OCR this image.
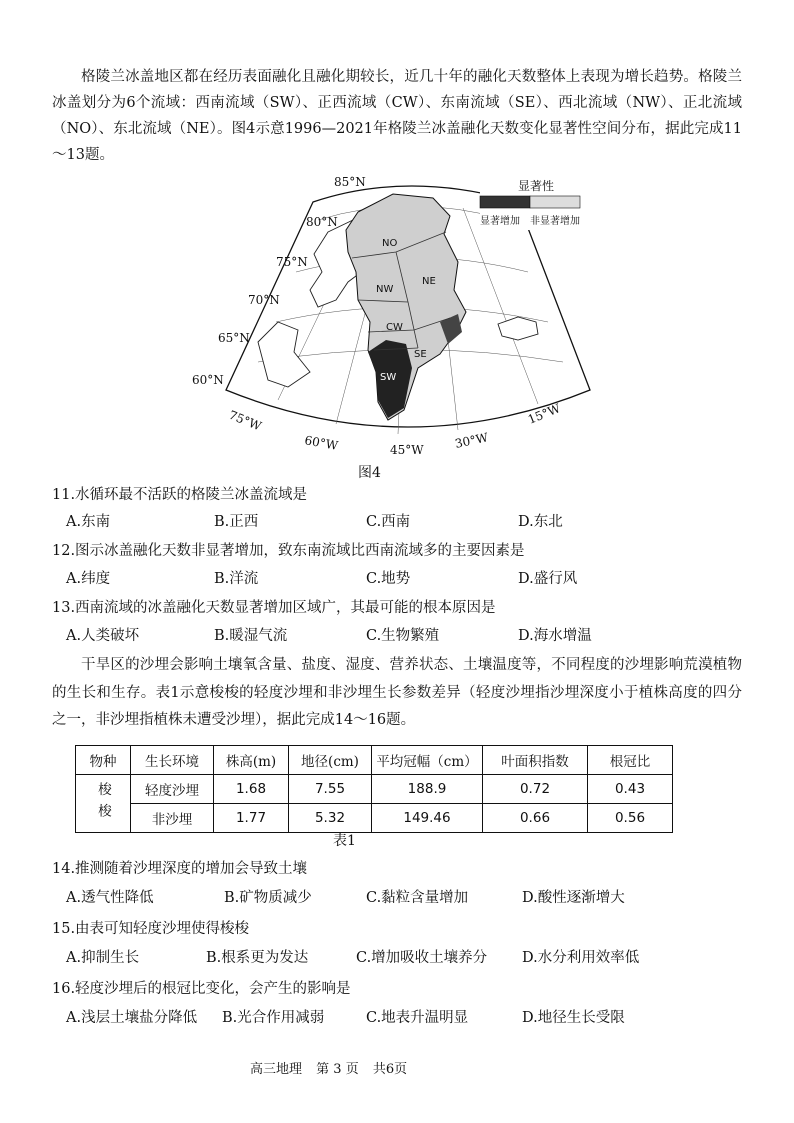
格陵兰冰盖地区都在经历表面融化且融化期较长，近几十年的融化天数整体上表现为增长趋势。格陵兰冰盖划分为6个流域：西南流域（SW）、正西流域（CW）、东南流域（SE）、西北流域（NW）、正北流域（NO）、东北流域（NE）。图4示意1996—2021年格陵兰冰盖融化天数变化显著性空间分布，据此完成11～13题。

NO
NE
NW
CW
SE
SW
85°N
80°N
75°N
70°N
65°N
60°N
75°W
60°W	45°W	30°W
15°W
显著性
显著增加 非显著增加
图4
11.水循环最不活跃的格陵兰冰盖流域是
A.东南	B.正西	C.西南	D.东北
12.图示冰盖融化天数非显著增加，致东南流域比西南流域多的主要因素是
A.纬度	B.洋流	C.地势	D.盛行风
13.西南流域的冰盖融化天数显著增加区域广，其最可能的根本原因是
A.人类破坏	B.暖湿气流	C.生物繁殖	D.海水增温

干旱区的沙埋会影响土壤氧含量、盐度、湿度、营养状态、土壤温度等，不同程度的沙埋影响荒漠植物的生长和生存。表1示意梭梭的轻度沙埋和非沙埋生长参数差异（轻度沙埋指沙埋深度小于植株高度的四分之一，非沙埋指植株未遭受沙埋），据此完成14～16题。

物种	生长环境	株高(m)	地径(cm)	平均冠幅（cm）	叶面积指数	根冠比
梭梭	轻度沙埋	1.68	7.55	188.9	0.72	0.43
	非沙埋	1.77	5.32	149.46	0.66	0.56
表1
14.推测随着沙埋深度的增加会导致土壤
A.透气性降低	B.矿物质减少	C.黏粒含量增加	D.酸性逐渐增大
15.由表可知轻度沙埋使得梭梭
A.抑制生长	B.根系更为发达	C.增加吸收土壤养分 D.水分利用效率低
16.轻度沙埋后的根冠比变化，会产生的影响是
A.浅层土壤盐分降低 B.光合作用减弱	C.地表升温明显	D.地径生长受限
高三地理 第 3 页 共6页
